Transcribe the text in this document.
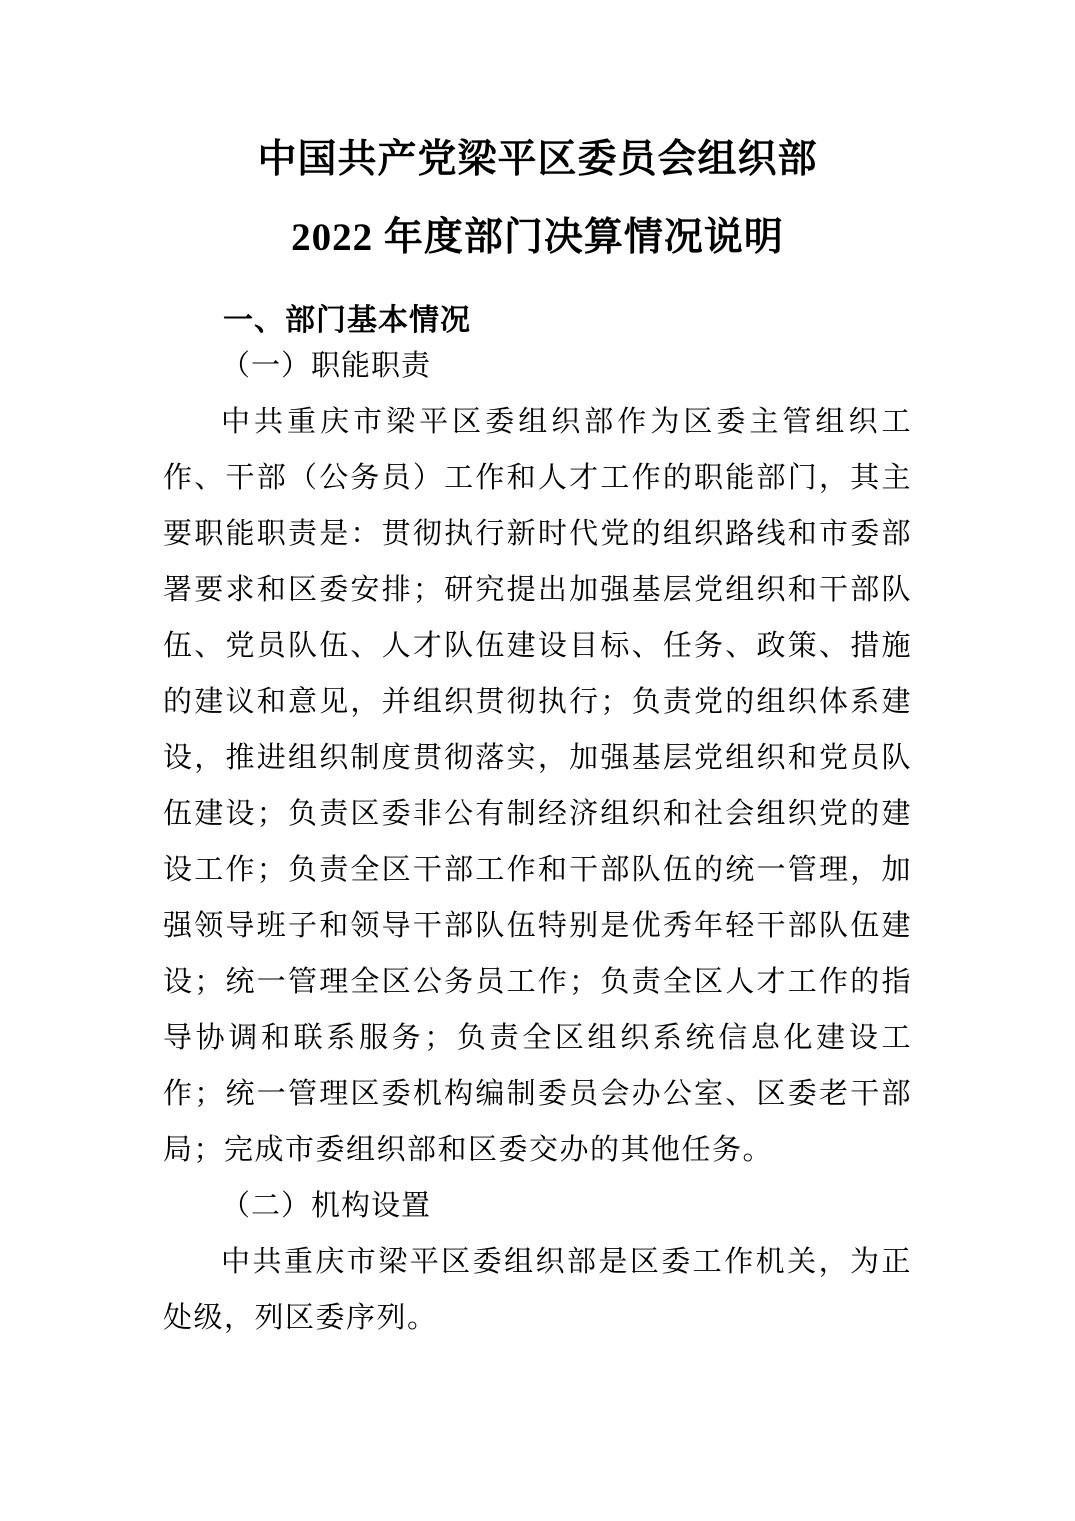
中国共产党梁平区委员会组织部
2022 年度部门决算情况说明
一、部门基本情况
（一）职能职责

中共重庆市梁平区委组织部作为区委主管组织工作、干部（公务员）工作和人才工作的职能部门，其主要职能职责是：贯彻执行新时代党的组织路线和市委部署要求和区委安排；研究提出加强基层党组织和干部队伍、党员队伍、人才队伍建设目标、任务、政策、措施的建议和意见，并组织贯彻执行；负责党的组织体系建设，推进组织制度贯彻落实，加强基层党组织和党员队伍建设；负责区委非公有制经济组织和社会组织党的建设工作；负责全区干部工作和干部队伍的统一管理，加强领导班子和领导干部队伍特别是优秀年轻干部队伍建设；统一管理全区公务员工作；负责全区人才工作的指导协调和联系服务；负责全区组织系统信息化建设工作；统一管理区委机构编制委员会办公室、区委老干部局；完成市委组织部和区委交办的其他任务。

（二）机构设置

中共重庆市梁平区委组织部是区委工作机关，为正处级，列区委序列。
